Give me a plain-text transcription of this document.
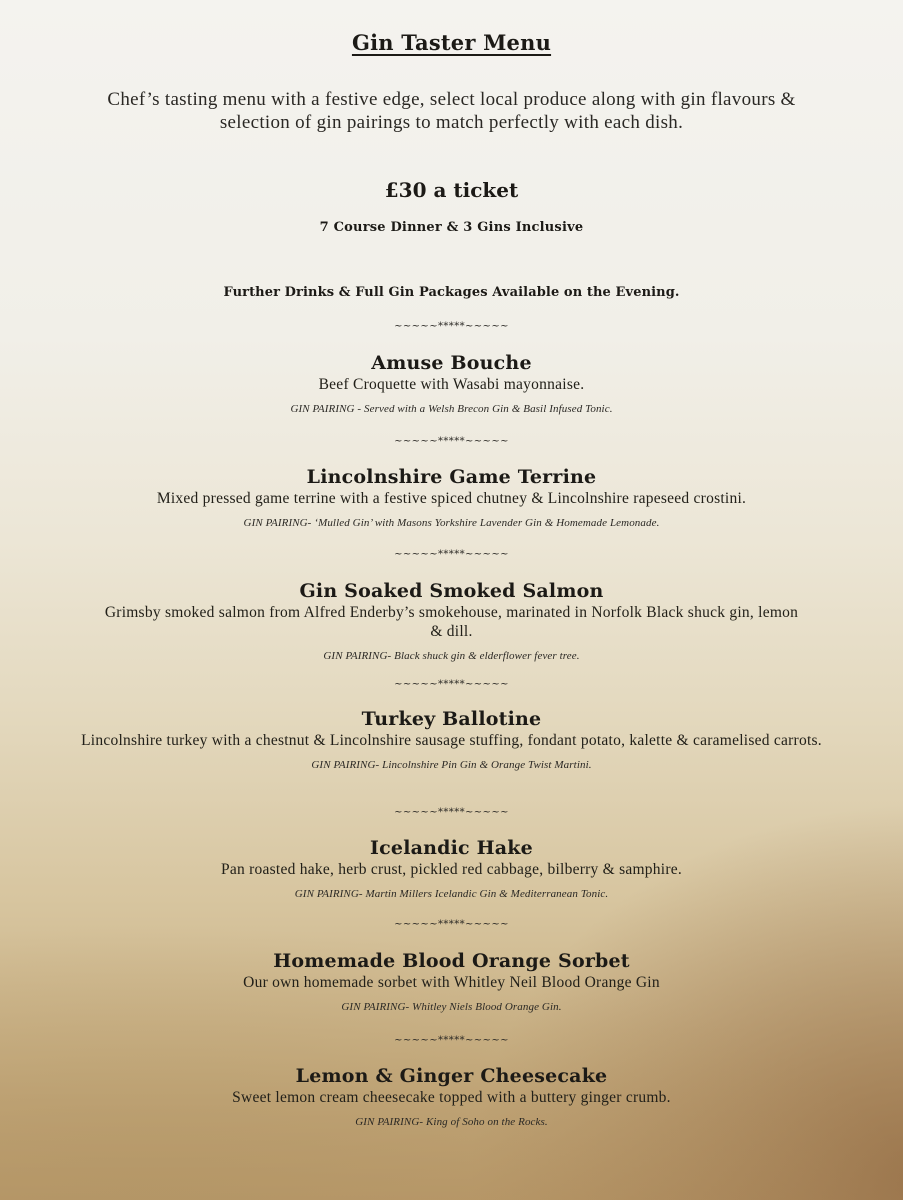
Gin Taster Menu
Chef’s tasting menu with a festive edge, select local produce along with gin flavours & selection of gin pairings to match perfectly with each dish.
£30 a ticket
7 Course Dinner & 3 Gins Inclusive
Further Drinks & Full Gin Packages Available on the Evening.
~~~~~*****~~~~~
Amuse Bouche
Beef Croquette with Wasabi mayonnaise.
GIN PAIRING - Served with a Welsh Brecon Gin & Basil Infused Tonic.
~~~~~*****~~~~~
Lincolnshire Game Terrine
Mixed pressed game terrine with a festive spiced chutney & Lincolnshire rapeseed crostini.
GIN PAIRING- ‘Mulled Gin’ with Masons Yorkshire Lavender Gin & Homemade Lemonade.
~~~~~*****~~~~~
Gin Soaked Smoked Salmon
Grimsby smoked salmon from Alfred Enderby’s smokehouse, marinated in Norfolk Black shuck gin, lemon & dill.
GIN PAIRING- Black shuck gin & elderflower fever tree.
~~~~~*****~~~~~
Turkey Ballotine
Lincolnshire turkey with a chestnut & Lincolnshire sausage stuffing, fondant potato, kalette & caramelised carrots.
GIN PAIRING- Lincolnshire Pin Gin & Orange Twist Martini.
~~~~~*****~~~~~
Icelandic Hake
Pan roasted hake, herb crust, pickled red cabbage, bilberry & samphire.
GIN PAIRING- Martin Millers Icelandic Gin & Mediterranean Tonic.
~~~~~*****~~~~~
Homemade Blood Orange Sorbet
Our own homemade sorbet with Whitley Neil Blood Orange Gin
GIN PAIRING- Whitley Niels Blood Orange Gin.
~~~~~*****~~~~~
Lemon & Ginger Cheesecake
Sweet lemon cream cheesecake topped with a buttery ginger crumb.
GIN PAIRING- King of Soho on the Rocks.
